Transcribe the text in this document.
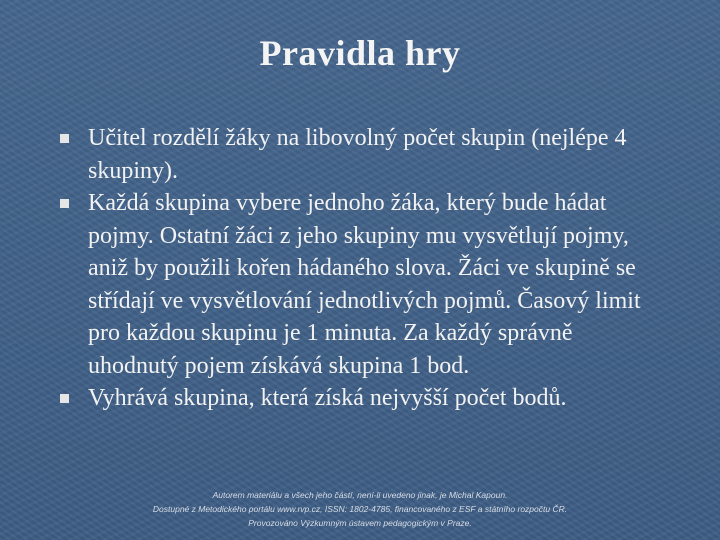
Pravidla hry
Učitel rozdělí žáky na libovolný počet skupin (nejlépe 4 skupiny).
Každá skupina vybere jednoho žáka, který bude hádat pojmy. Ostatní žáci z jeho skupiny mu vysvětlují pojmy, aniž by použili kořen hádaného slova. Žáci ve skupině se střídají ve vysvětlování jednotlivých pojmů. Časový limit pro každou skupinu je 1 minuta. Za každý správně uhodnutý pojem získává skupina 1 bod.
Vyhrává skupina, která získá nejvyšší počet bodů.
Autorem materiálu a všech jeho částí, není-li uvedeno jinak, je Michal Kapoun.
Dostupné z Metodického portálu www.rvp.cz, ISSN: 1802-4785, financovaného z ESF a státního rozpočtu ČR.
Provozováno Výzkumným ústavem pedagogickým v Praze.
